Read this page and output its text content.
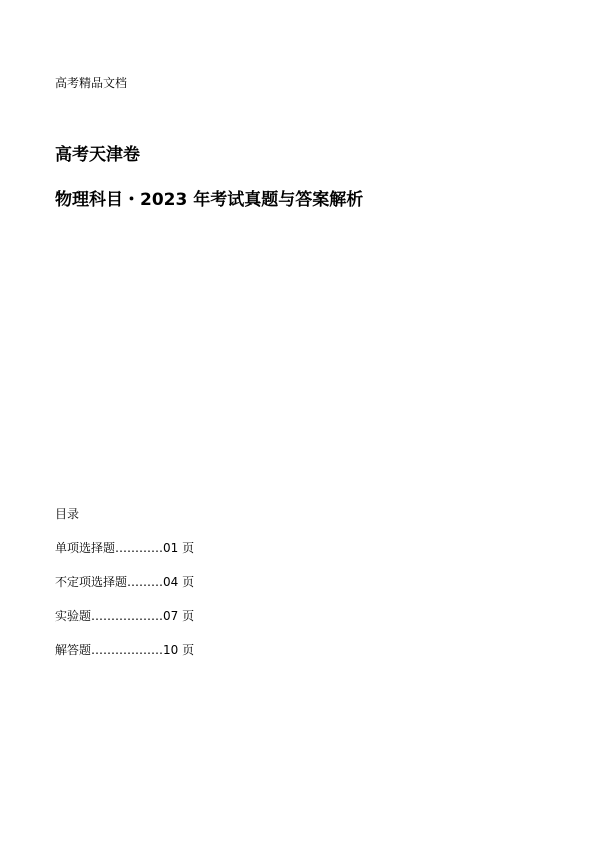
高考精品文档
高考天津卷
物理科目・2023 年考试真题与答案解析
目录
单项选择题…………01 页
不定项选择题………04 页
实验题………………07 页
解答题………………10 页
